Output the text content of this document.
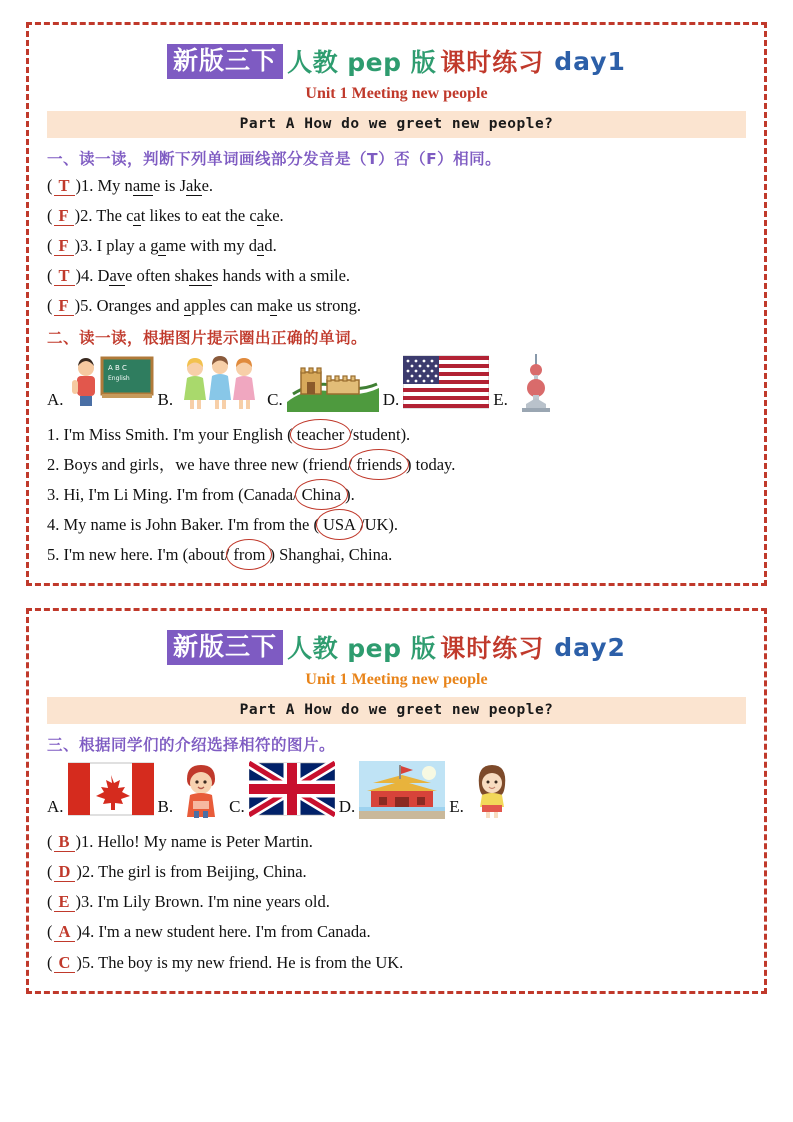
新版三下 人教 pep 版 课时练习 day1
Unit 1 Meeting new people
Part A How do we greet new people?
一、读一读，判断下列单词画线部分发音是（T）否（F）相同。
( T )1. My name is Jake.
( F )2. The cat likes to eat the cake.
( F )3. I play a game with my dad.
( T )4. Dave often shakes hands with a smile.
( F )5. Oranges and apples can make us strong.
二、读一读，根据图片提示圈出正确的单词。
A.
A B C
English
B.	C.	D.	E.
1. I'm Miss Smith. I'm your English ( teacher /student).
2. Boys and girls，we have three new (friend/ friends ) today.
3. Hi, I'm Li Ming. I'm from (Canada/ China ).
4. My name is John Baker. I'm from the ( USA /UK).
5. I'm new here. I'm (about/ from ) Shanghai, China.
新版三下 人教 pep 版 课时练习 day2
Unit 1 Meeting new people
Part A How do we greet new people?
三、根据同学们的介绍选择相符的图片。
A.	B.	C.	D.	E.
( B )1. Hello! My name is Peter Martin.
( D )2. The girl is from Beijing, China.
( E )3. I'm Lily Brown. I'm nine years old.
( A )4. I'm a new student here. I'm from Canada.
( C )5. The boy is my new friend. He is from the UK.
